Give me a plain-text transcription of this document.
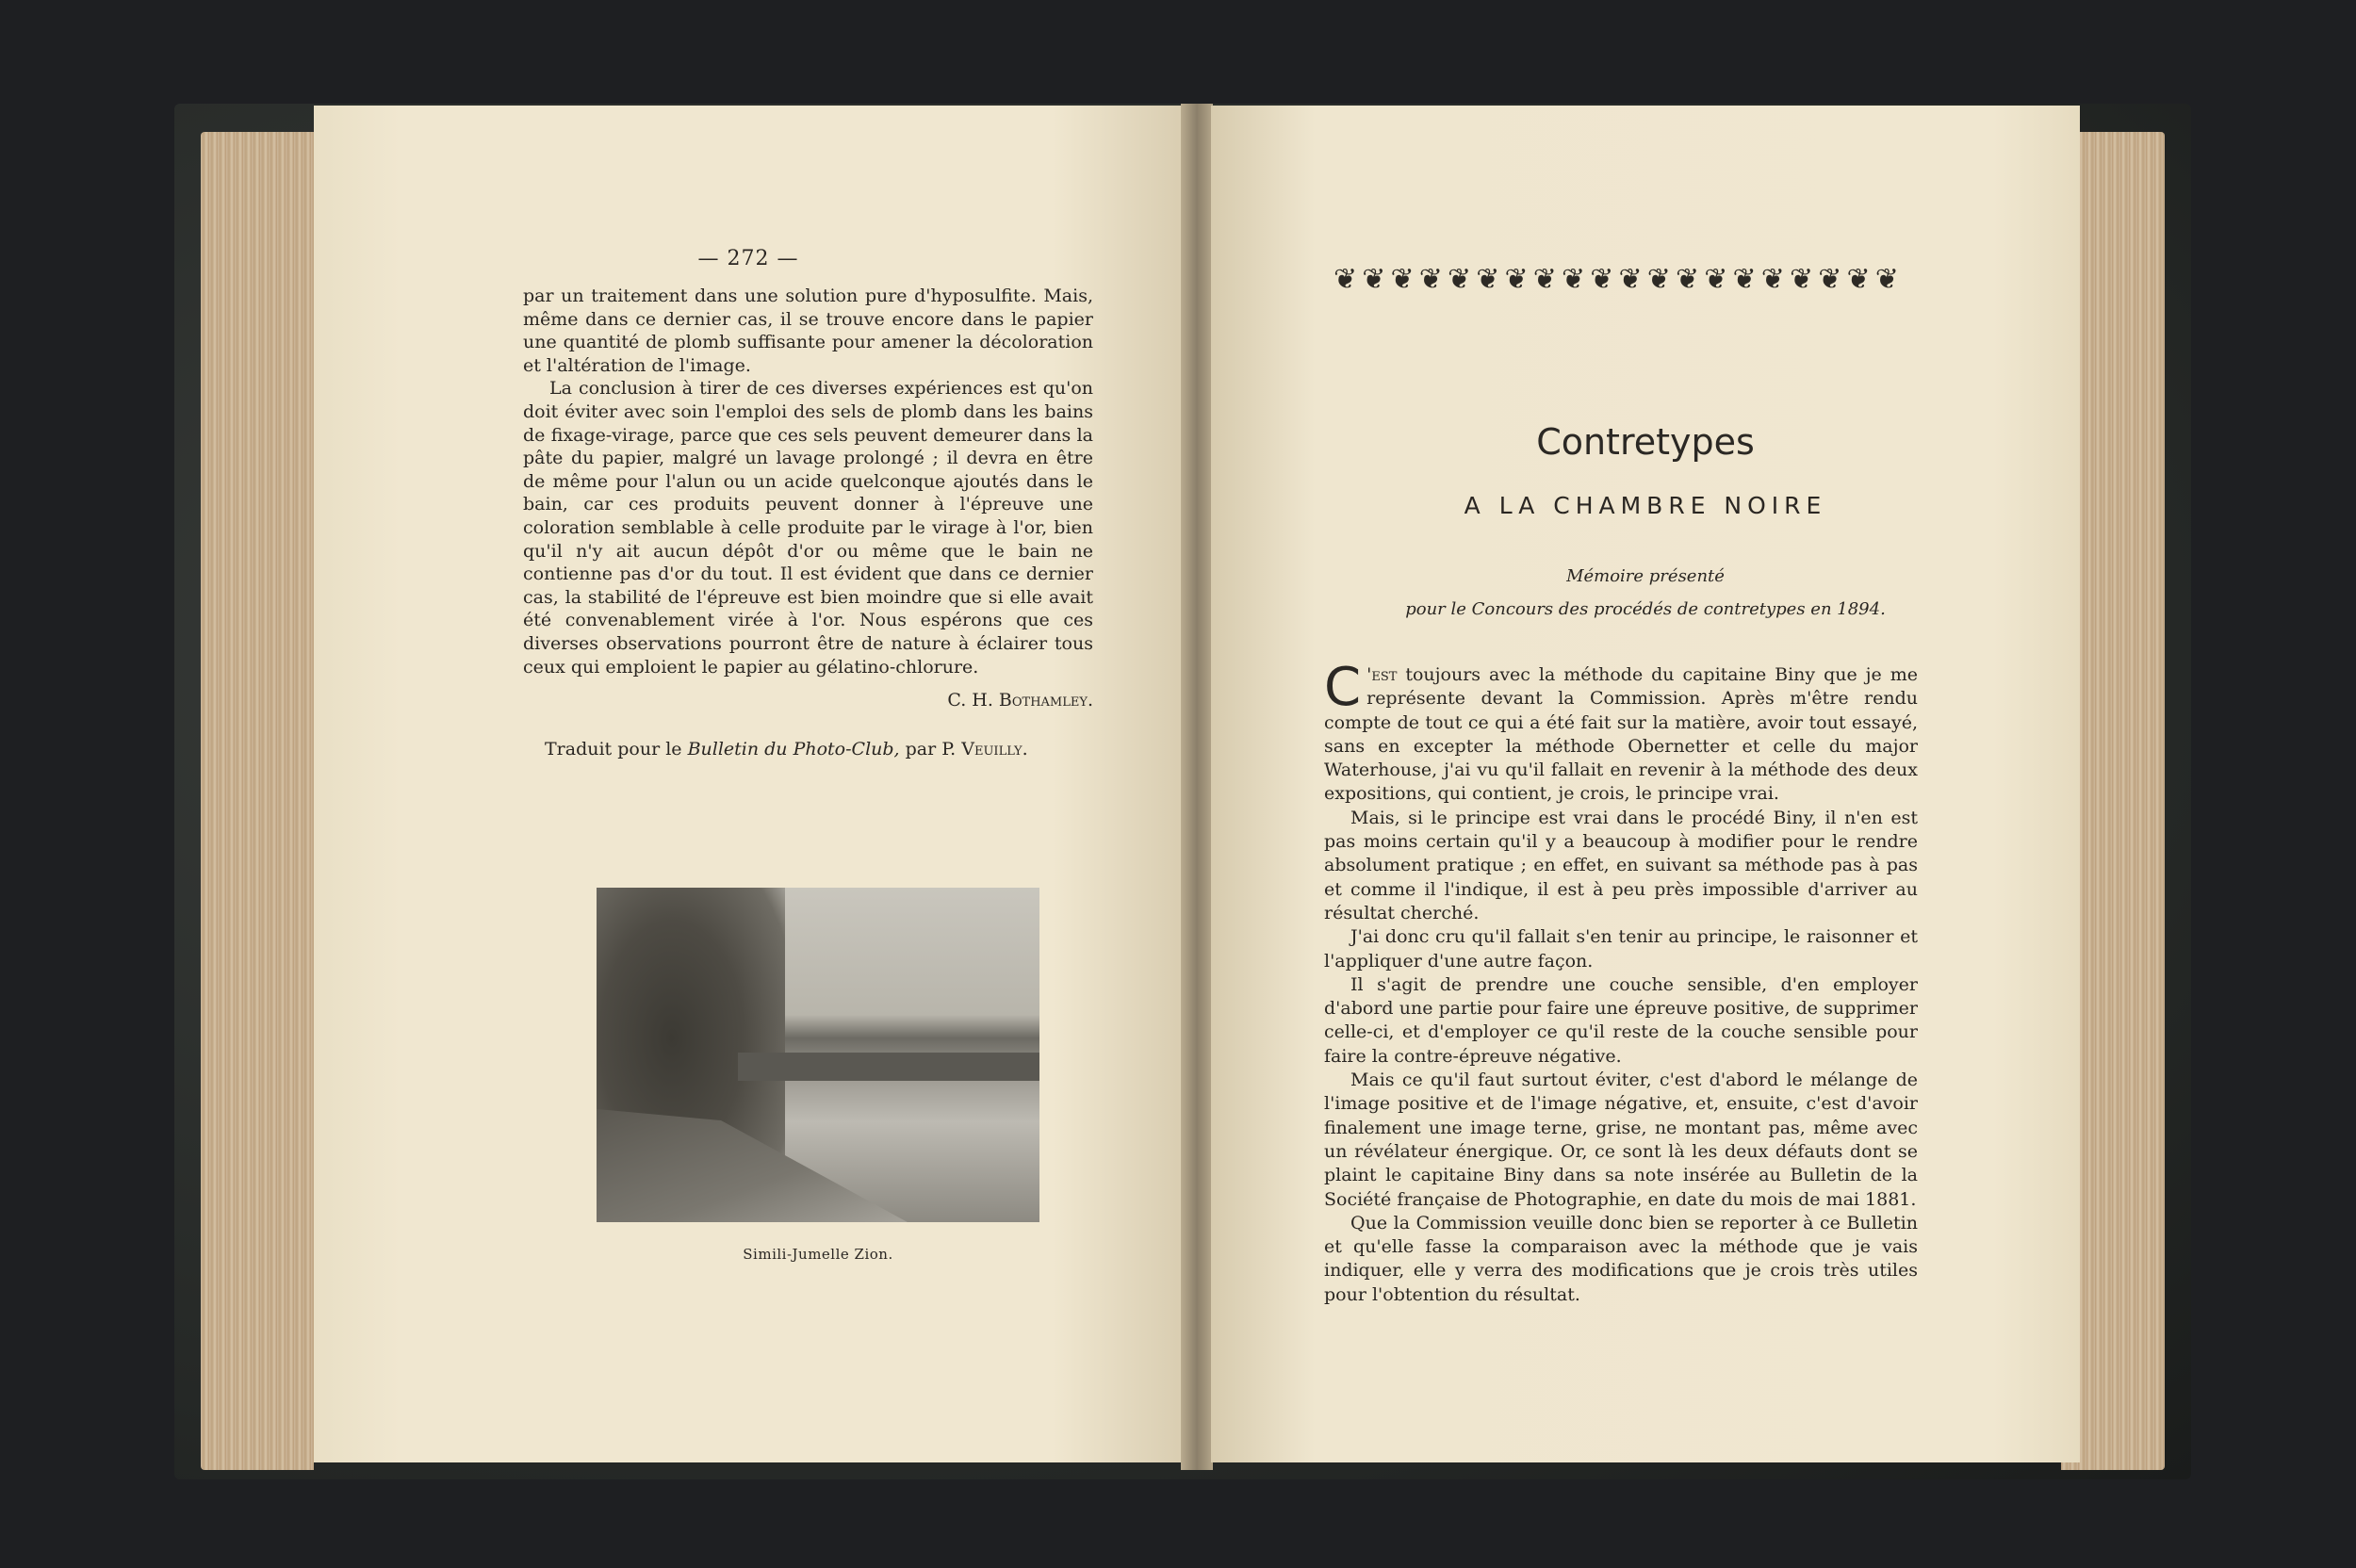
— 272 —

par un traitement dans une solution pure d'hyposulfite. Mais, même dans ce dernier cas, il se trouve encore dans le papier une quantité de plomb suffisante pour amener la décoloration et l'altération de l'image.

La conclusion à tirer de ces diverses expériences est qu'on doit éviter avec soin l'emploi des sels de plomb dans les bains de fixage-virage, parce que ces sels peuvent demeurer dans la pâte du papier, malgré un lavage prolongé ; il devra en être de même pour l'alun ou un acide quelconque ajoutés dans le bain, car ces produits peuvent donner à l'épreuve une coloration semblable à celle produite par le virage à l'or, bien qu'il n'y ait aucun dépôt d'or ou même que le bain ne contienne pas d'or du tout. Il est évident que dans ce dernier cas, la stabilité de l'épreuve est bien moindre que si elle avait été convenablement virée à l'or. Nous espérons que ces diverses observations pourront être de nature à éclairer tous ceux qui emploient le papier au gélatino-chlorure.

C. H. Bothamley.
Traduit pour le Bulletin du Photo-Club, par P. Veuilly.
Simili-Jumelle Zion.
❦ ❦ ❦ ❦ ❦ ❦ ❦ ❦ ❦ ❦ ❦ ❦ ❦ ❦ ❦ ❦ ❦ ❦ ❦ ❦
Contretypes
A LA CHAMBRE NOIRE
Mémoire présenté
pour le Concours des procédés de contretypes en 1894.

C 'est toujours avec la méthode du capitaine Biny que je me représente devant la Commission. Après m'être rendu compte de tout ce qui a été fait sur la matière, avoir tout essayé, sans en excepter la méthode Obernetter et celle du major Waterhouse, j'ai vu qu'il fallait en revenir à la méthode des deux expositions, qui contient, je crois, le principe vrai.

Mais, si le principe est vrai dans le procédé Biny, il n'en est pas moins certain qu'il y a beaucoup à modifier pour le rendre absolument pratique ; en effet, en suivant sa méthode pas à pas et comme il l'indique, il est à peu près impossible d'arriver au résultat cherché.

J'ai donc cru qu'il fallait s'en tenir au principe, le raisonner et l'appliquer d'une autre façon.

Il s'agit de prendre une couche sensible, d'en employer d'abord une partie pour faire une épreuve positive, de supprimer celle-ci, et d'employer ce qu'il reste de la couche sensible pour faire la contre-épreuve négative.

Mais ce qu'il faut surtout éviter, c'est d'abord le mélange de l'image positive et de l'image négative, et, ensuite, c'est d'avoir finalement une image terne, grise, ne montant pas, même avec un révélateur énergique. Or, ce sont là les deux défauts dont se plaint le capitaine Biny dans sa note insérée au Bulletin de la Société française de Photographie, en date du mois de mai 1881.

Que la Commission veuille donc bien se reporter à ce Bulletin et qu'elle fasse la comparaison avec la méthode que je vais indiquer, elle y verra des modifications que je crois très utiles pour l'obtention du résultat.
